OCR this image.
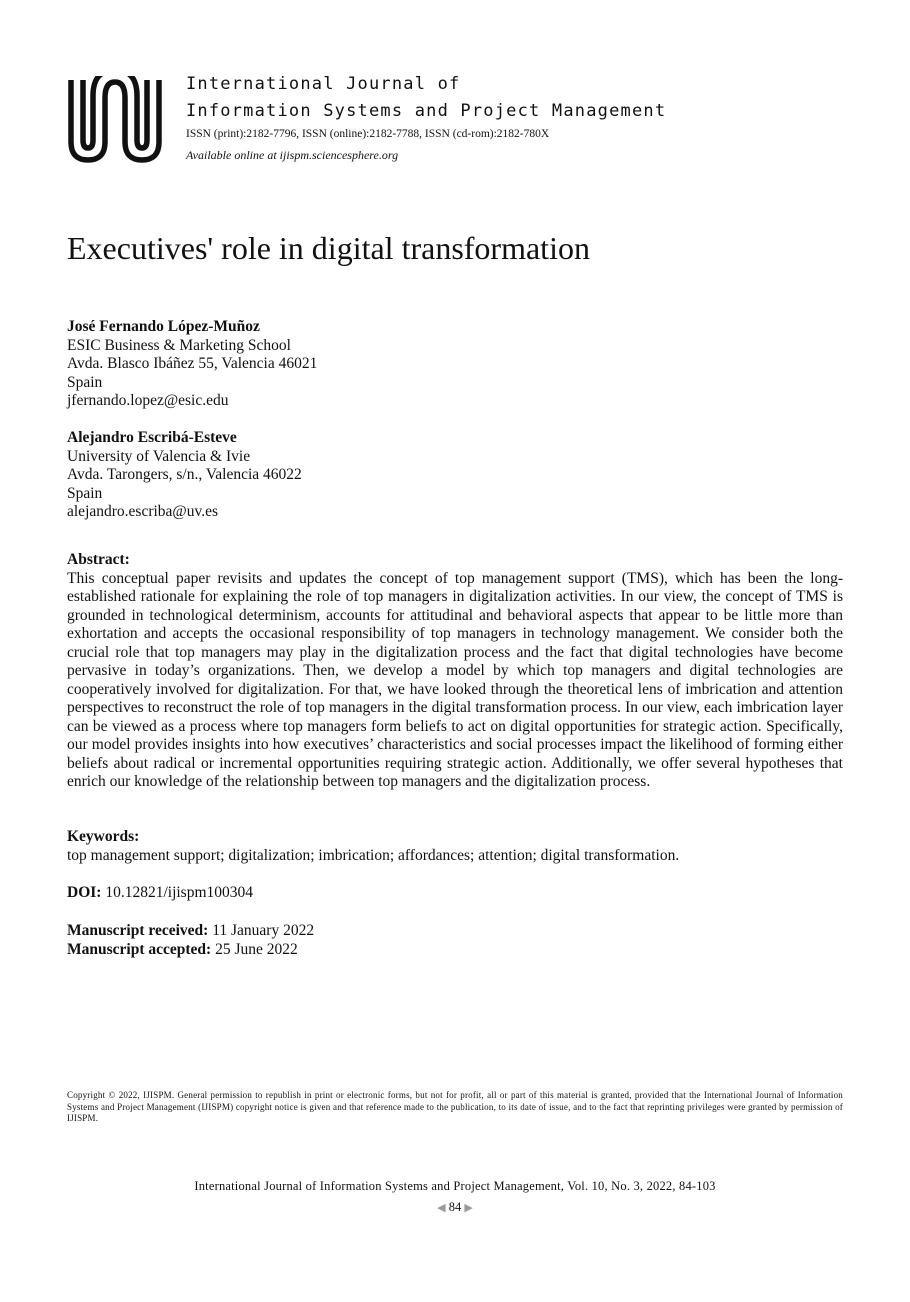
International Journal of
Information Systems and Project Management
ISSN (print):2182-7796, ISSN (online):2182-7788, ISSN (cd-rom):2182-780X
Available online at ijispm.sciencesphere.org
Executives' role in digital transformation
José Fernando López-Muñoz
ESIC Business & Marketing School
Avda. Blasco Ibáñez 55, Valencia 46021
Spain
jfernando.lopez@esic.edu
Alejandro Escribá-Esteve
University of Valencia & Ivie
Avda. Tarongers, s/n., Valencia 46022
Spain
alejandro.escriba@uv.es
Abstract:

This conceptual paper revisits and updates the concept of top management support (TMS), which has been the long-established rationale for explaining the role of top managers in digitalization activities. In our view, the concept of TMS is grounded in technological determinism, accounts for attitudinal and behavioral aspects that appear to be little more than exhortation and accepts the occasional responsibility of top managers in technology management. We consider both the crucial role that top managers may play in the digitalization process and the fact that digital technologies have become pervasive in today’s organizations. Then, we develop a model by which top managers and digital technologies are cooperatively involved for digitalization. For that, we have looked through the theoretical lens of imbrication and attention perspectives to reconstruct the role of top managers in the digital transformation process. In our view, each imbrication layer can be viewed as a process where top managers form beliefs to act on digital opportunities for strategic action. Specifically, our model provides insights into how executives’ characteristics and social processes impact the likelihood of forming either beliefs about radical or incremental opportunities requiring strategic action. Additionally, we offer several hypotheses that enrich our knowledge of the relationship between top managers and the digitalization process.

Keywords:
top management support; digitalization; imbrication; affordances; attention; digital transformation.
DOI: 10.12821/ijispm100304
Manuscript received: 11 January 2022
Manuscript accepted: 25 June 2022
Copyright © 2022, IJISPM. General permission to republish in print or electronic forms, but not for profit, all or part of this material is granted, provided that the International Journal of Information Systems and Project Management (IJISPM) copyright notice is given and that reference made to the publication, to its date of issue, and to the fact that reprinting privileges were granted by permission of IJISPM.
International Journal of Information Systems and Project Management, Vol. 10, No. 3, 2022, 84-103
◀ 84 ▶
